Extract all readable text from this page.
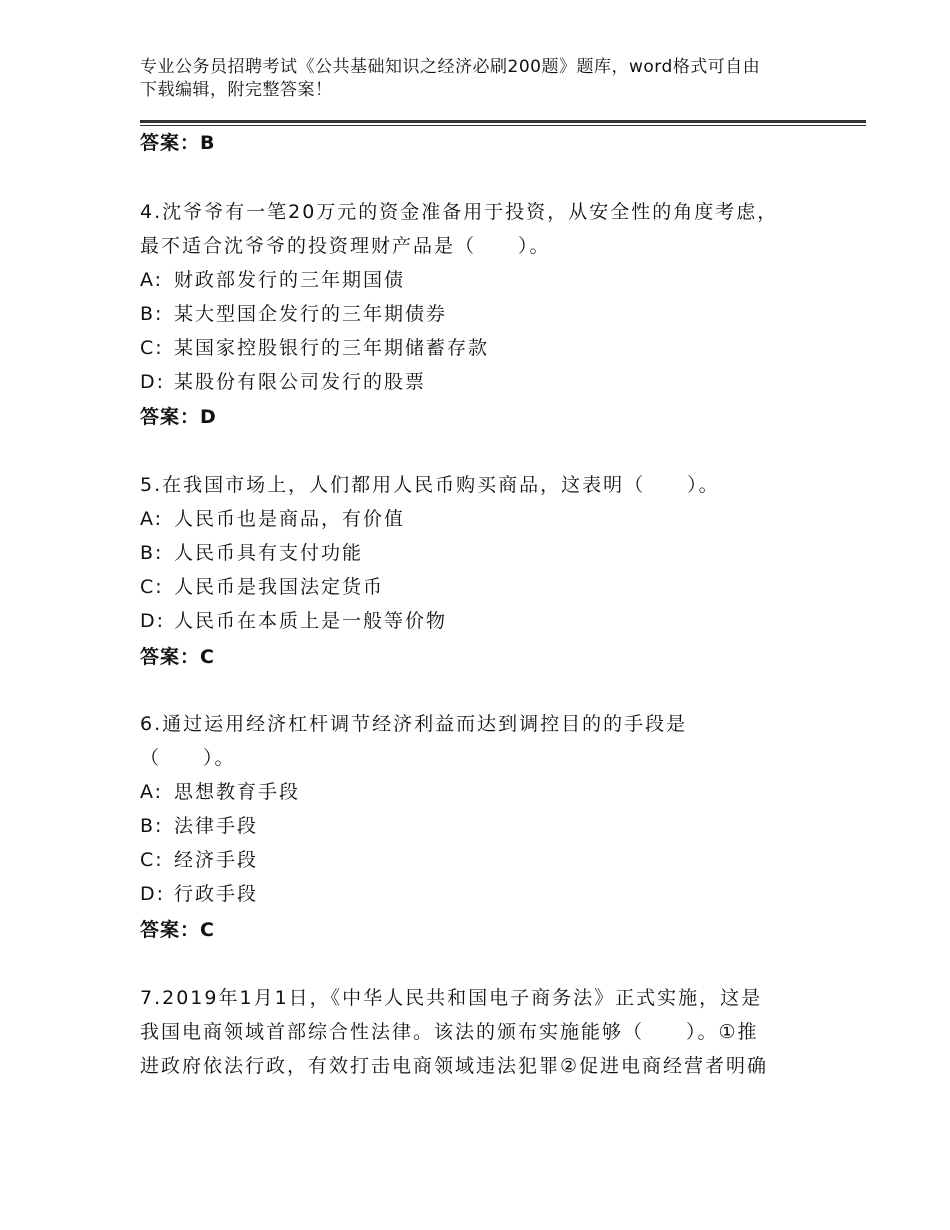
专业公务员招聘考试《公共基础知识之经济必刷200题》题库，word格式可自由
下载编辑，附完整答案！
答案：B
4.沈爷爷有一笔20万元的资金准备用于投资，从安全性的角度考虑，
最不适合沈爷爷的投资理财产品是（　　）。
A: 财政部发行的三年期国债
B: 某大型国企发行的三年期债券
C: 某国家控股银行的三年期储蓄存款
D: 某股份有限公司发行的股票
答案：D
5.在我国市场上，人们都用人民币购买商品，这表明（　　）。
A: 人民币也是商品，有价值
B: 人民币具有支付功能
C: 人民币是我国法定货币
D: 人民币在本质上是一般等价物
答案：C
6.通过运用经济杠杆调节经济利益而达到调控目的的手段是
（　　）。
A: 思想教育手段
B: 法律手段
C: 经济手段
D: 行政手段
答案：C
7.2019年1月1日，《中华人民共和国电子商务法》正式实施，这是
我国电商领域首部综合性法律。该法的颁布实施能够（　　）。①推
进政府依法行政，有效打击电商领域违法犯罪②促进电商经营者明确
